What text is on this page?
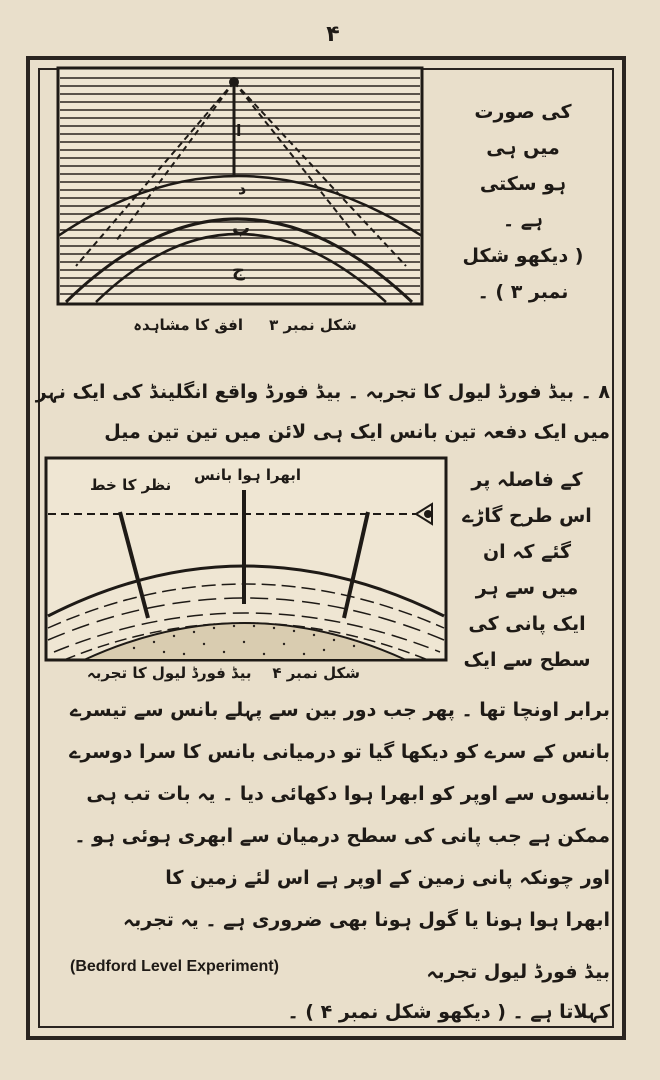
۴
ا
د
ب
ج
کی صورت
میں ہی
ہو سکتی
ہے ۔
( دیکھو شکل
نمبر ۳ ) ۔
شکل نمبر ۳     افق کا مشاہدہ
۸ ۔ بیڈ فورڈ لیول کا تجربہ ۔ بیڈ فورڈ واقع انگلینڈ کی ایک نہر
میں ایک دفعہ تین بانس ایک ہی لائن میں تین تین میل
نظر کا خط
ابھرا ہوا بانس	کے فاصلہ پر
اس طرح گاڑے
گئے کہ ان
میں سے ہر
ایک پانی کی
سطح سے ایک
شکل نمبر ۴    بیڈ فورڈ لیول کا تجربہ
برابر اونچا تھا ۔ پھر جب دور بین سے پہلے بانس سے تیسرے
بانس کے سرے کو دیکھا گیا تو درمیانی بانس کا سرا دوسرے
بانسوں سے اوپر کو ابھرا ہوا دکھائی دیا ۔ یہ بات تب ہی
ممکن ہے جب پانی کی سطح درمیان سے ابھری ہوئی ہو ۔
اور چونکہ پانی زمین کے اوپر ہے اس لئے زمین کا
ابھرا ہوا ہونا یا گول ہونا بھی ضروری ہے ۔ یہ تجربہ
(Bedford Level Experiment)	بیڈ فورڈ لیول تجربہ
کہلاتا ہے ۔ ( دیکھو شکل نمبر ۴ ) ۔
